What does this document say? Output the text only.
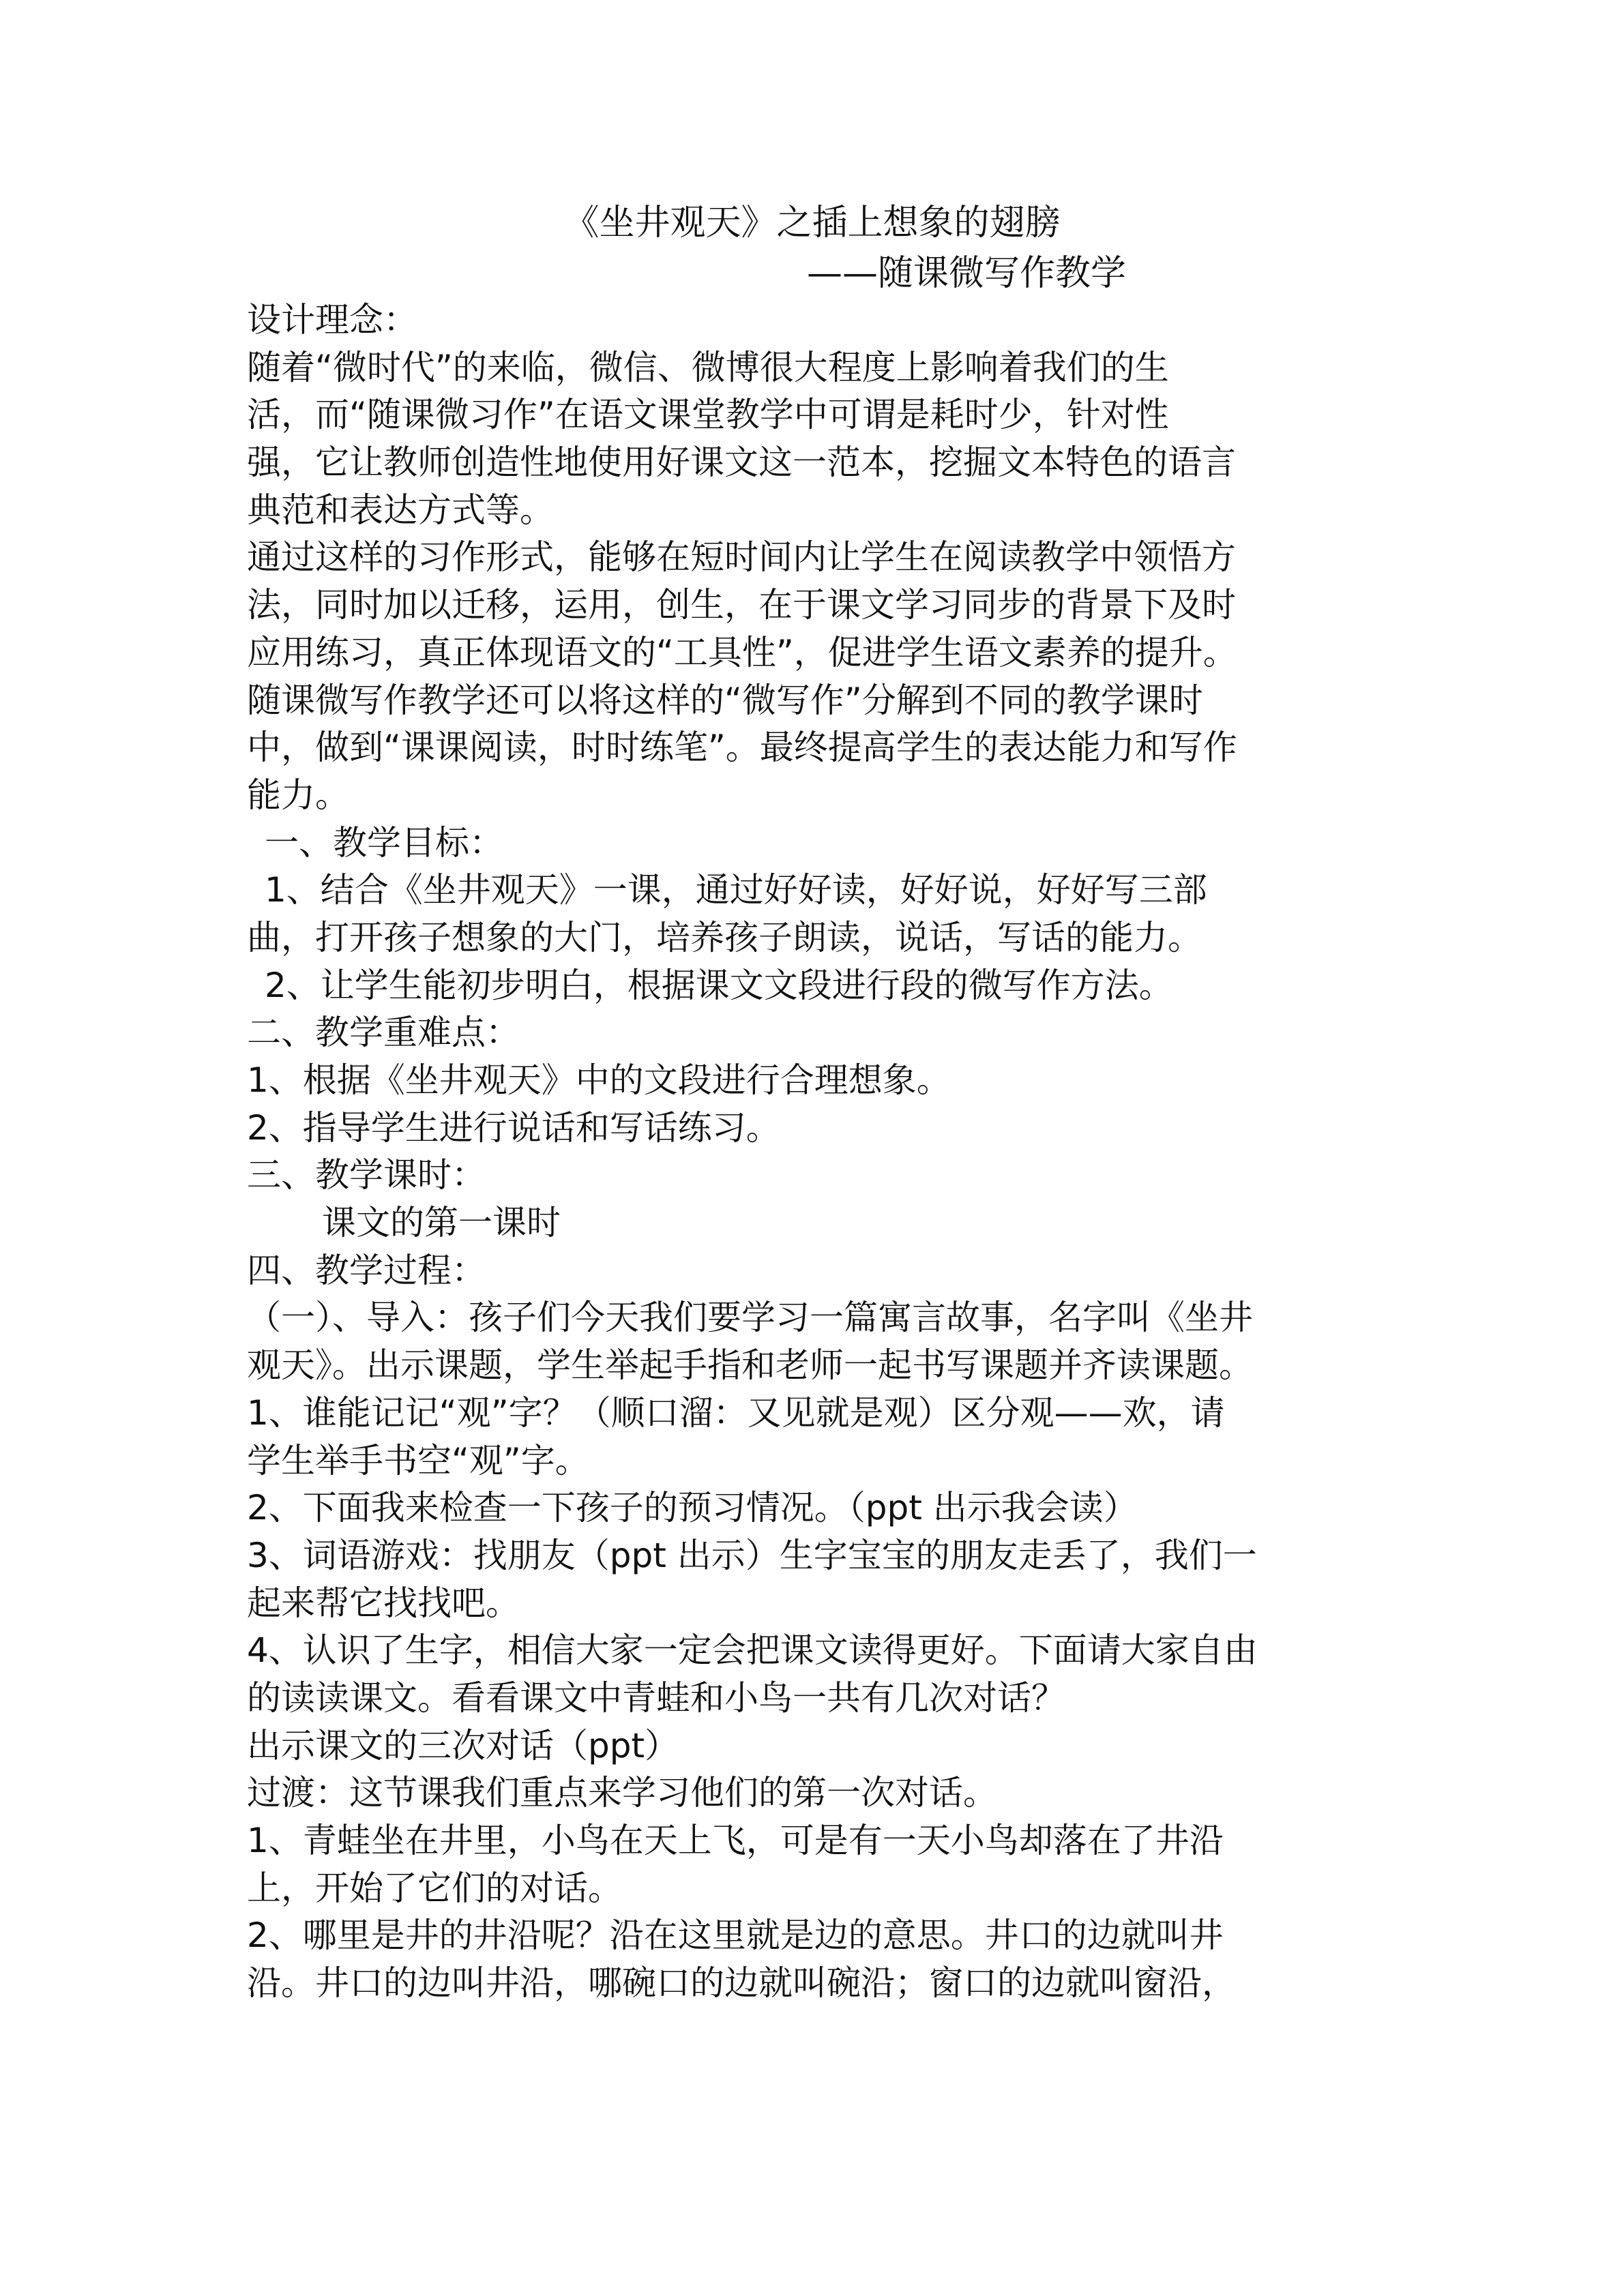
《坐井观天》之插上想象的翅膀
——随课微写作教学
设计理念：
随着“微时代”的来临，微信、微博很大程度上影响着我们的生
活，而“随课微习作”在语文课堂教学中可谓是耗时少，针对性
强，它让教师创造性地使用好课文这一范本，挖掘文本特色的语言
典范和表达方式等。
通过这样的习作形式，能够在短时间内让学生在阅读教学中领悟方
法，同时加以迁移，运用，创生，在于课文学习同步的背景下及时
应用练习，真正体现语文的“工具性”，促进学生语文素养的提升。
随课微写作教学还可以将这样的“微写作”分解到不同的教学课时
中，做到“课课阅读，时时练笔”。最终提高学生的表达能力和写作
能力。
一、教学目标：
1、结合《坐井观天》一课，通过好好读，好好说，好好写三部
曲，打开孩子想象的大门，培养孩子朗读，说话，写话的能力。
2、让学生能初步明白，根据课文文段进行段的微写作方法。
二、教学重难点：
1、根据《坐井观天》中的文段进行合理想象。
2、指导学生进行说话和写话练习。
三、教学课时：
课文的第一课时
四、教学过程：
（一）、导入：孩子们今天我们要学习一篇寓言故事，名字叫《坐井
观天》。出示课题，学生举起手指和老师一起书写课题并齐读课题。
1、谁能记记“观”字？（顺口溜：又见就是观）区分观——欢，请
学生举手书空“观”字。
2、下面我来检查一下孩子的预习情况。（ppt 出示我会读）
3、词语游戏：找朋友（ppt 出示）生字宝宝的朋友走丢了，我们一
起来帮它找找吧。
4、认识了生字，相信大家一定会把课文读得更好。下面请大家自由
的读读课文。看看课文中青蛙和小鸟一共有几次对话？
出示课文的三次对话（ppt）
过渡：这节课我们重点来学习他们的第一次对话。
1、青蛙坐在井里，小鸟在天上飞，可是有一天小鸟却落在了井沿
上，开始了它们的对话。
2、哪里是井的井沿呢？沿在这里就是边的意思。井口的边就叫井
沿。井口的边叫井沿，哪碗口的边就叫碗沿；窗口的边就叫窗沿，
